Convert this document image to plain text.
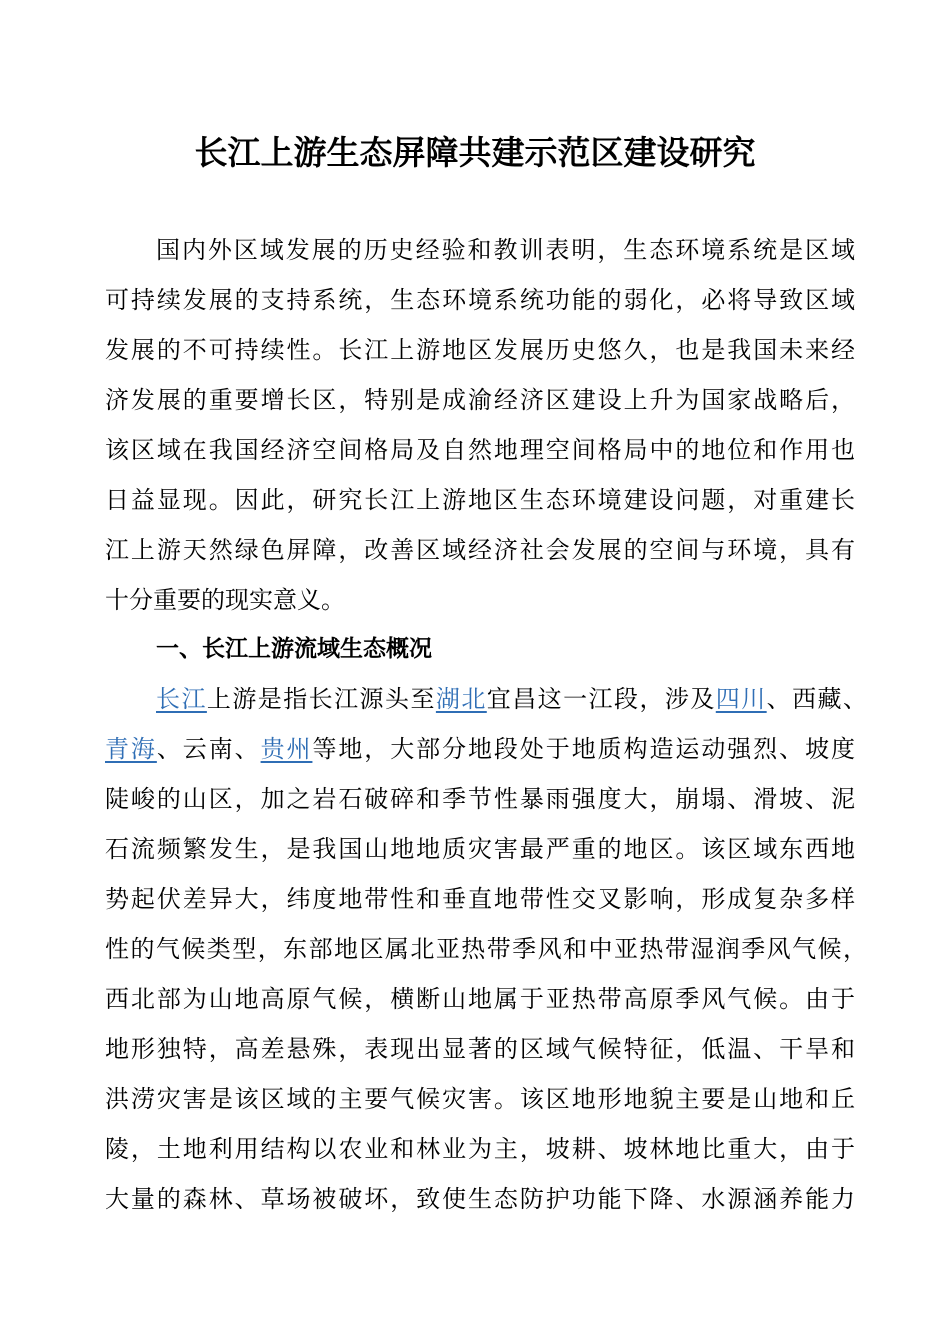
长江上游生态屏障共建示范区建设研究
国内外区域发展的历史经验和教训表明，生态环境系统是区域
可持续发展的支持系统，生态环境系统功能的弱化，必将导致区域
发展的不可持续性。长江上游地区发展历史悠久，也是我国未来经
济发展的重要增长区，特别是成渝经济区建设上升为国家战略后，
该区域在我国经济空间格局及自然地理空间格局中的地位和作用也
日益显现。因此，研究长江上游地区生态环境建设问题，对重建长
江上游天然绿色屏障，改善区域经济社会发展的空间与环境，具有
十分重要的现实意义。
一、长江上游流域生态概况
长江上游是指长江源头至湖北宜昌这一江段，涉及四川、西藏、
青海、云南、贵州等地，大部分地段处于地质构造运动强烈、坡度
陡峻的山区，加之岩石破碎和季节性暴雨强度大，崩塌、滑坡、泥
石流频繁发生，是我国山地地质灾害最严重的地区。该区域东西地
势起伏差异大，纬度地带性和垂直地带性交叉影响，形成复杂多样
性的气候类型，东部地区属北亚热带季风和中亚热带湿润季风气候，
西北部为山地高原气候，横断山地属于亚热带高原季风气候。由于
地形独特，高差悬殊，表现出显著的区域气候特征，低温、干旱和
洪涝灾害是该区域的主要气候灾害。该区地形地貌主要是山地和丘
陵，土地利用结构以农业和林业为主，坡耕、坡林地比重大，由于
大量的森林、草场被破坏，致使生态防护功能下降、水源涵养能力
